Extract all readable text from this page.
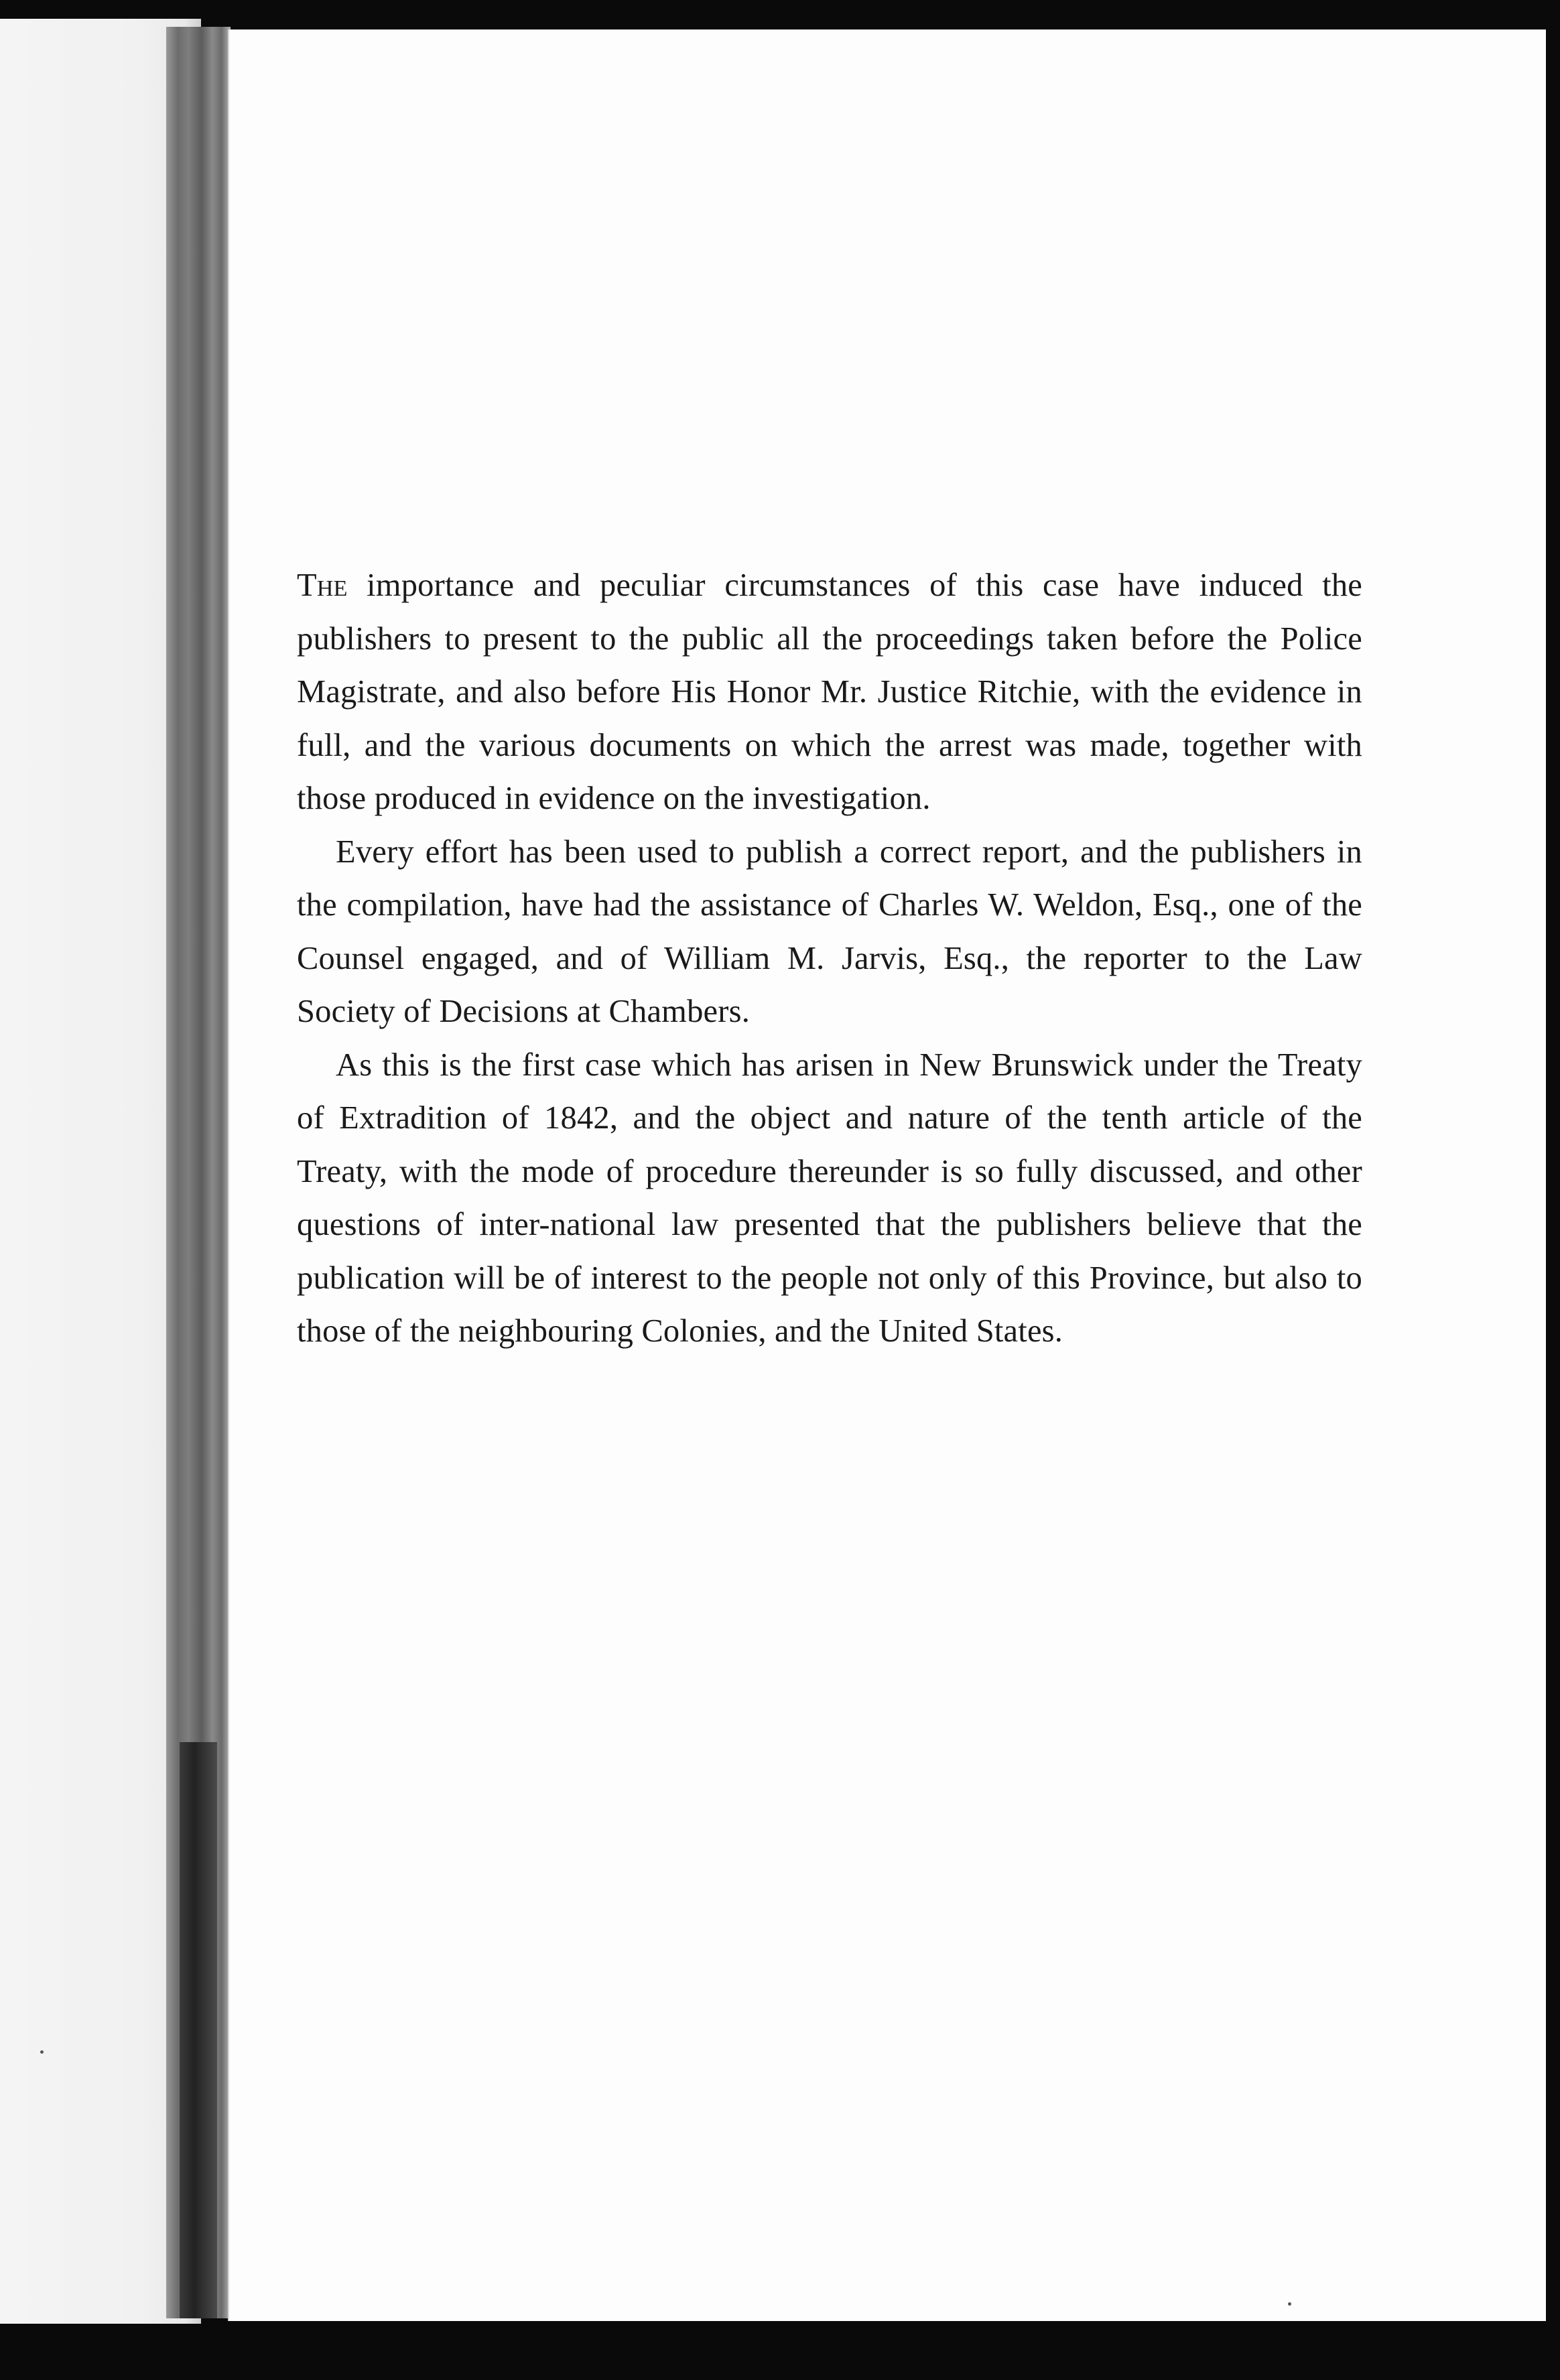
The importance and peculiar circumstances of this case have induced the publishers to present to the public all the proceedings taken before the Police Magistrate, and also before His Honor Mr. Justice Ritchie, with the evidence in full, and the various documents on which the arrest was made, together with those produced in evidence on the investigation.

Every effort has been used to publish a correct report, and the publishers in the compilation, have had the assistance of Charles W. Weldon, Esq., one of the Counsel engaged, and of William M. Jarvis, Esq., the reporter to the Law Society of Decisions at Chambers.

As this is the first case which has arisen in New Brunswick under the Treaty of Extradition of 1842, and the object and nature of the tenth article of the Treaty, with the mode of procedure thereunder is so fully discussed, and other questions of inter-national law presented that the publishers believe that the publication will be of interest to the people not only of this Province, but also to those of the neighbouring Colonies, and the United States.
